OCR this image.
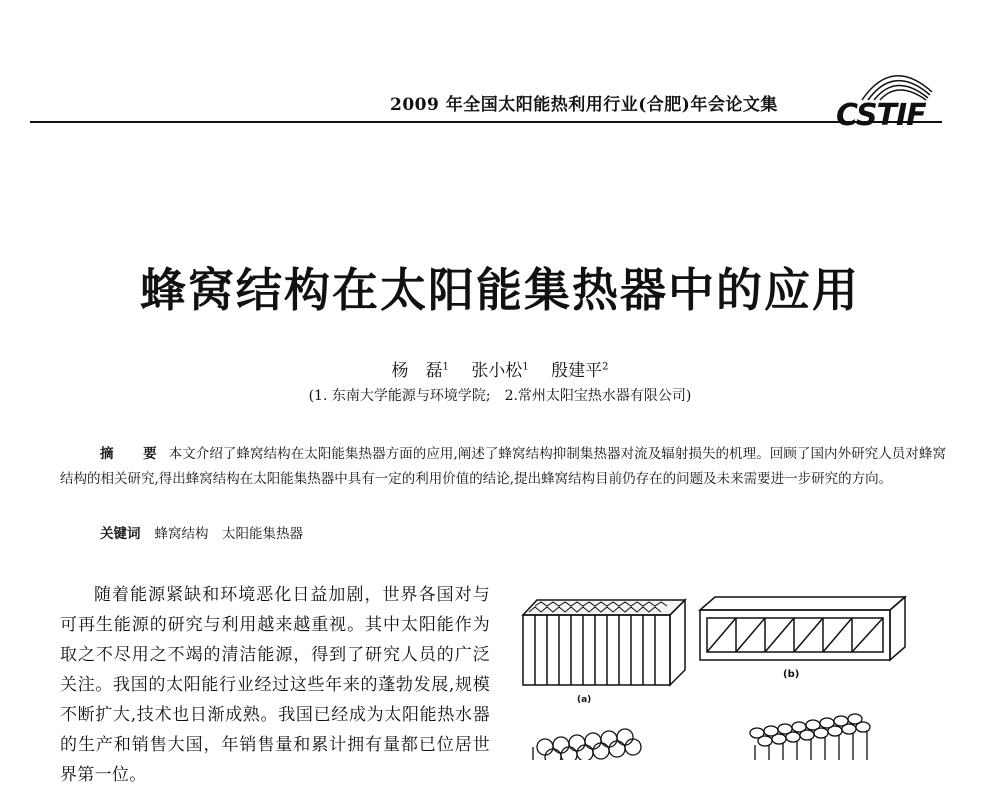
2009 年全国太阳能热利用行业(合肥)年会论文集 CSTIF
蜂窝结构在太阳能集热器中的应用
杨　磊$^1$　 张小松$^1$　 殷建平$^2$
(1. 东南大学能源与环境学院;　2.常州太阳宝热水器有限公司)
摘　要 本文介绍了蜂窝结构在太阳能集热器方面的应用,阐述了蜂窝结构抑制集热器对流及辐射损失的机理。回顾了国内外研究人员对蜂窝结构的相关研究,得出蜂窝结构在太阳能集热器中具有一定的利用价值的结论,提出蜂窝结构目前仍存在的问题及未来需要进一步研究的方向。
关键词 蜂窝结构　太阳能集热器
随着能源紧缺和环境恶化日益加剧，世界各国对与可再生能源的研究与利用越来越重视。其中太阳能作为取之不尽用之不竭的清洁能源，得到了研究人员的广泛关注。我国的太阳能行业经过这些年来的蓬勃发展,规模不断扩大,技术也日渐成熟。我国已经成为太阳能热水器的生产和销售大国，年销售量和累计拥有量都已位居世界第一位。
(a)
(b)
